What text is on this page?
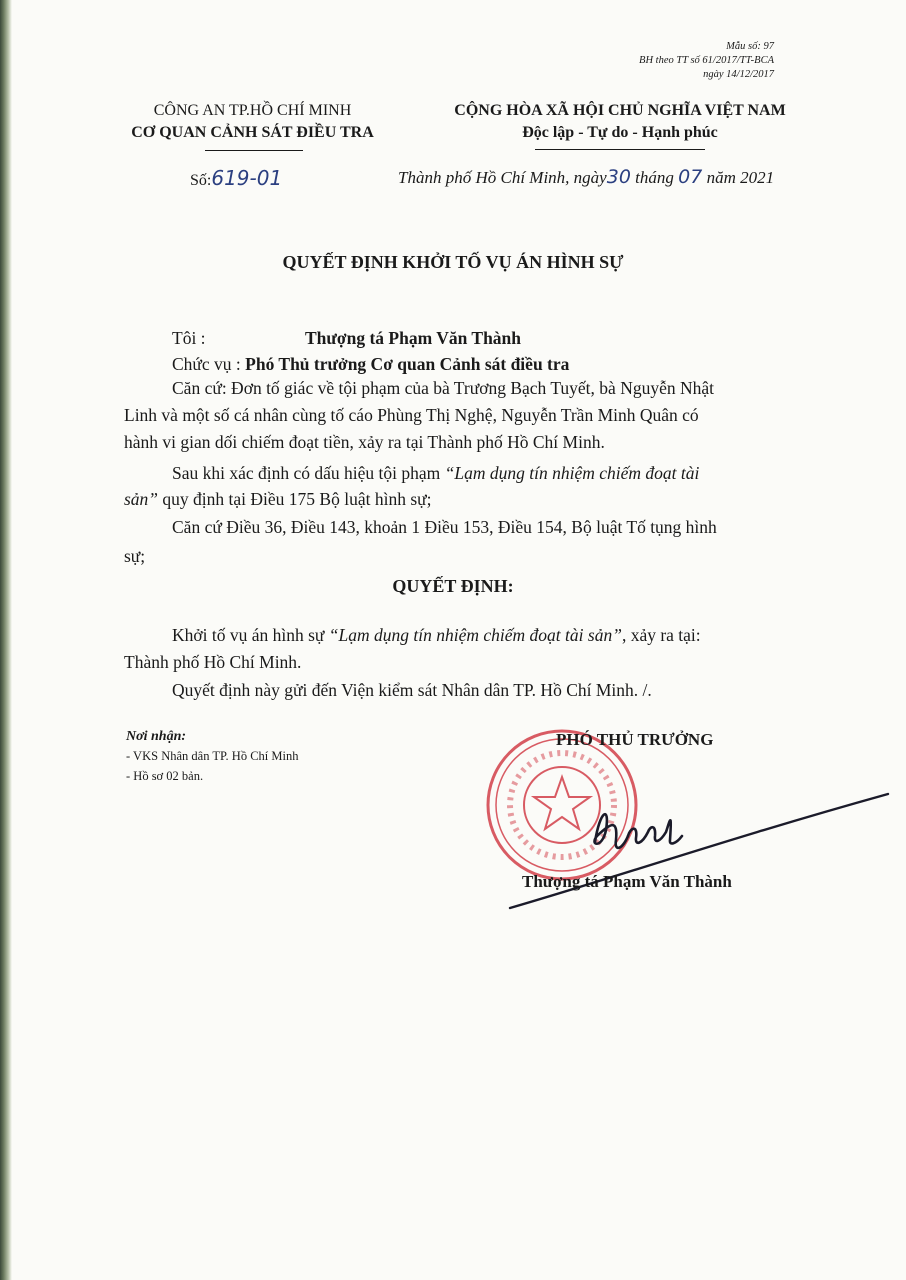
Mẫu số: 97
BH theo TT số 61/2017/TT-BCA
ngày 14/12/2017
CÔNG AN TP.HỒ CHÍ MINH
CƠ QUAN CẢNH SÁT ĐIỀU TRA
CỘNG HÒA XÃ HỘI CHỦ NGHĨA VIỆT NAM
Độc lập - Tự do - Hạnh phúc
Số:619-01	Thành phố Hồ Chí Minh, ngày30 tháng 07 năm 2021
QUYẾT ĐỊNH KHỞI TỐ VỤ ÁN HÌNH SỰ
Tôi :	Thượng tá Phạm Văn Thành
Chức vụ : Phó Thủ trưởng Cơ quan Cảnh sát điều tra
Căn cứ: Đơn tố giác về tội phạm của bà Trương Bạch Tuyết, bà Nguyễn Nhật
Linh và một số cá nhân cùng tố cáo Phùng Thị Nghệ, Nguyễn Trần Minh Quân có
hành vi gian dối chiếm đoạt tiền, xảy ra tại Thành phố Hồ Chí Minh.
Sau khi xác định có dấu hiệu tội phạm “Lạm dụng tín nhiệm chiếm đoạt tài
sản” quy định tại Điều 175 Bộ luật hình sự;
Căn cứ Điều 36, Điều 143, khoản 1 Điều 153, Điều 154, Bộ luật Tố tụng hình
sự;
QUYẾT ĐỊNH:
Khởi tố vụ án hình sự “Lạm dụng tín nhiệm chiếm đoạt tài sản”, xảy ra tại:
Thành phố Hồ Chí Minh.
Quyết định này gửi đến Viện kiểm sát Nhân dân TP. Hồ Chí Minh. /.
Nơi nhận:
- VKS Nhân dân TP. Hồ Chí Minh
- Hồ sơ 02 bản.
PHÓ THỦ TRƯỞNG
Thượng tá Phạm Văn Thành
